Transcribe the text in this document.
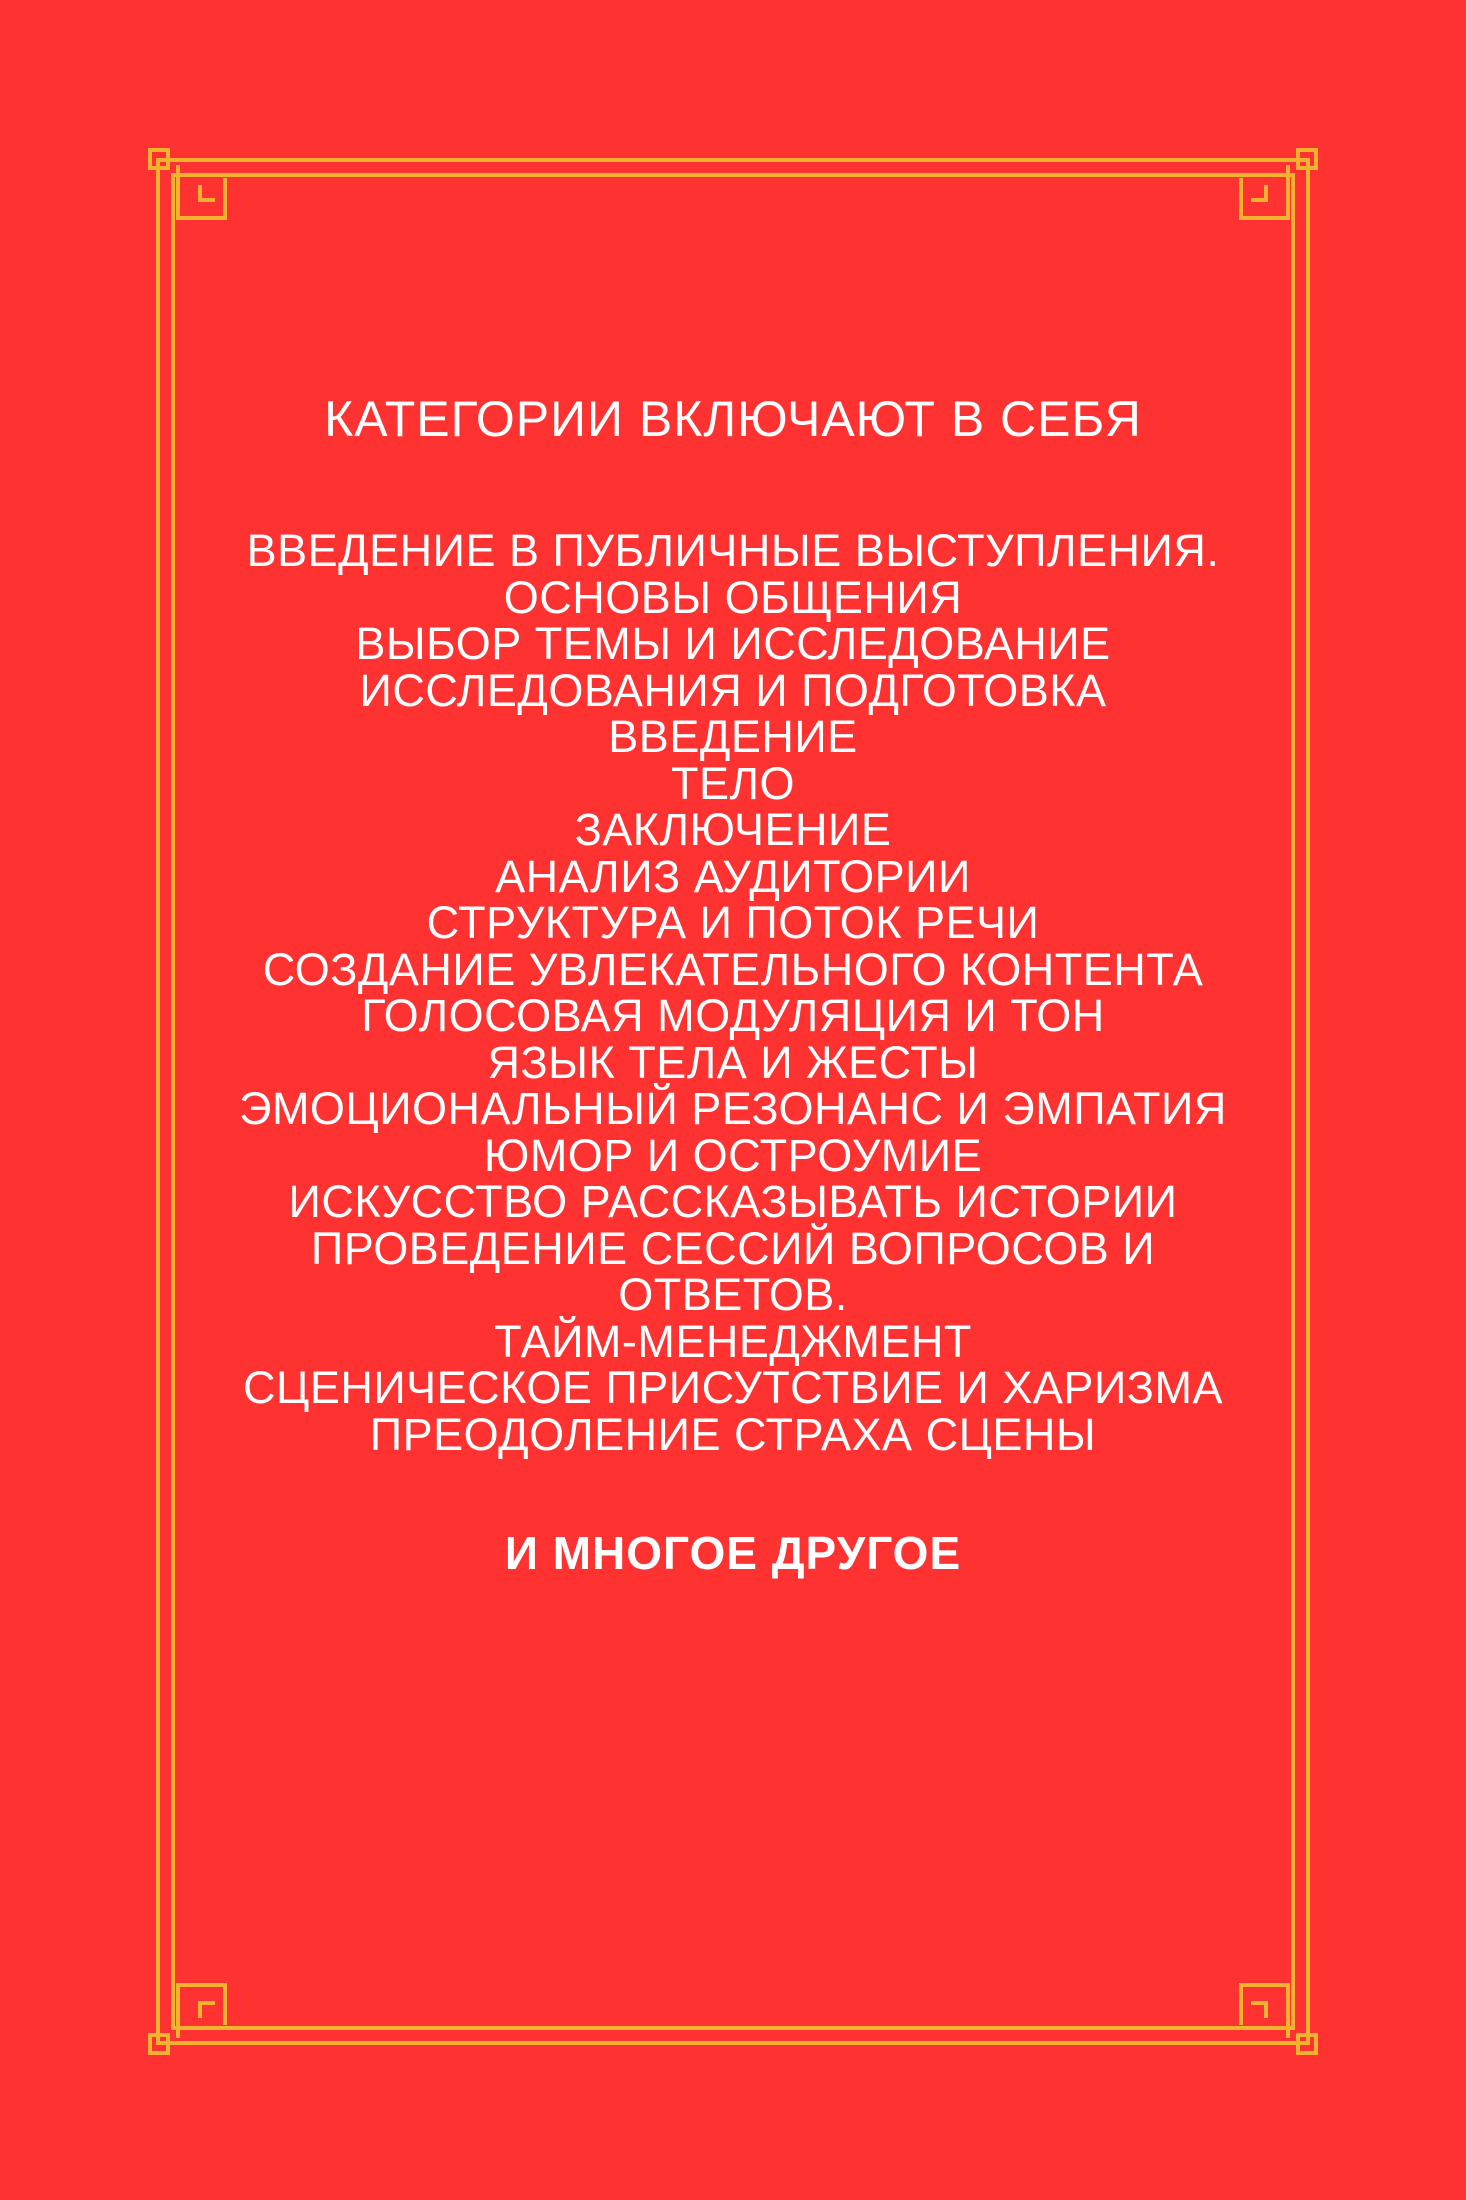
КАТЕГОРИИ ВКЛЮЧАЮТ В СЕБЯ
ВВЕДЕНИЕ В ПУБЛИЧНЫЕ ВЫСТУПЛЕНИЯ.
ОСНОВЫ ОБЩЕНИЯ
ВЫБОР ТЕМЫ И ИССЛЕДОВАНИЕ
ИССЛЕДОВАНИЯ И ПОДГОТОВКА
ВВЕДЕНИЕ
ТЕЛО
ЗАКЛЮЧЕНИЕ
АНАЛИЗ АУДИТОРИИ
СТРУКТУРА И ПОТОК РЕЧИ
СОЗДАНИЕ УВЛЕКАТЕЛЬНОГО КОНТЕНТА
ГОЛОСОВАЯ МОДУЛЯЦИЯ И ТОН
ЯЗЫК ТЕЛА И ЖЕСТЫ
ЭМОЦИОНАЛЬНЫЙ РЕЗОНАНС И ЭМПАТИЯ
ЮМОР И ОСТРОУМИЕ
ИСКУССТВО РАССКАЗЫВАТЬ ИСТОРИИ
ПРОВЕДЕНИЕ СЕССИЙ ВОПРОСОВ И
ОТВЕТОВ.
ТАЙМ-МЕНЕДЖМЕНТ
СЦЕНИЧЕСКОЕ ПРИСУТСТВИЕ И ХАРИЗМА
ПРЕОДОЛЕНИЕ СТРАХА СЦЕНЫ
И МНОГОЕ ДРУГОЕ
